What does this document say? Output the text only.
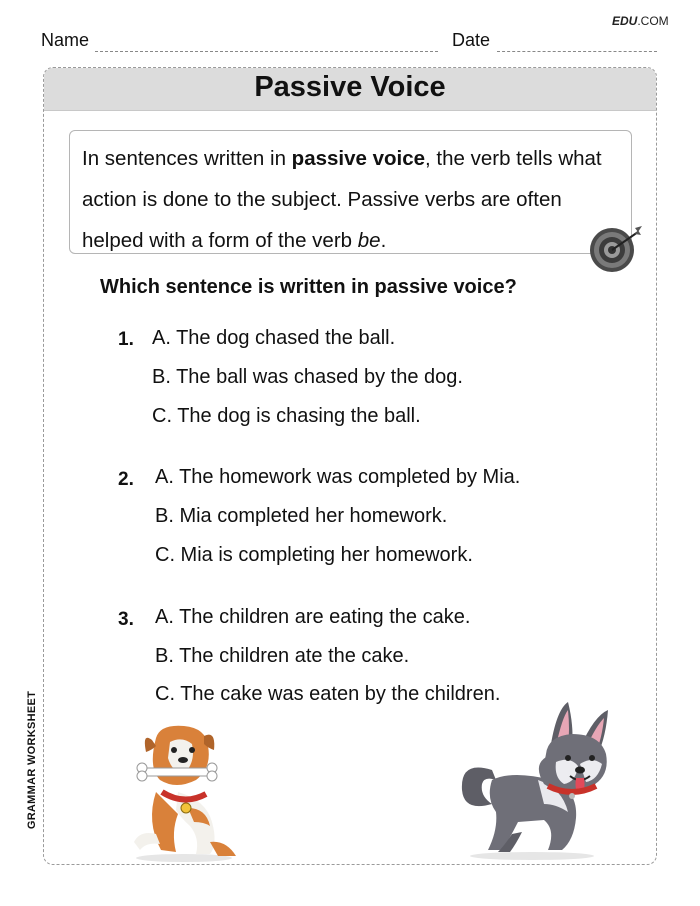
EDU.COM
Name	Date
Passive Voice

In sentences written in passive voice, the verb tells what action is done to the subject. Passive verbs are often helped with a form of the verb be.

Which sentence is written in passive voice?
1. A. The dog chased the ball.
B. The ball was chased by the dog.
C. The dog is chasing the ball.
2. A. The homework was completed by Mia.
B. Mia completed her homework.
C. Mia is completing her homework.
3. A. The children are eating the cake.
B. The children ate the cake.
C. The cake was eaten by the children.
GRAMMAR WORKSHEET
